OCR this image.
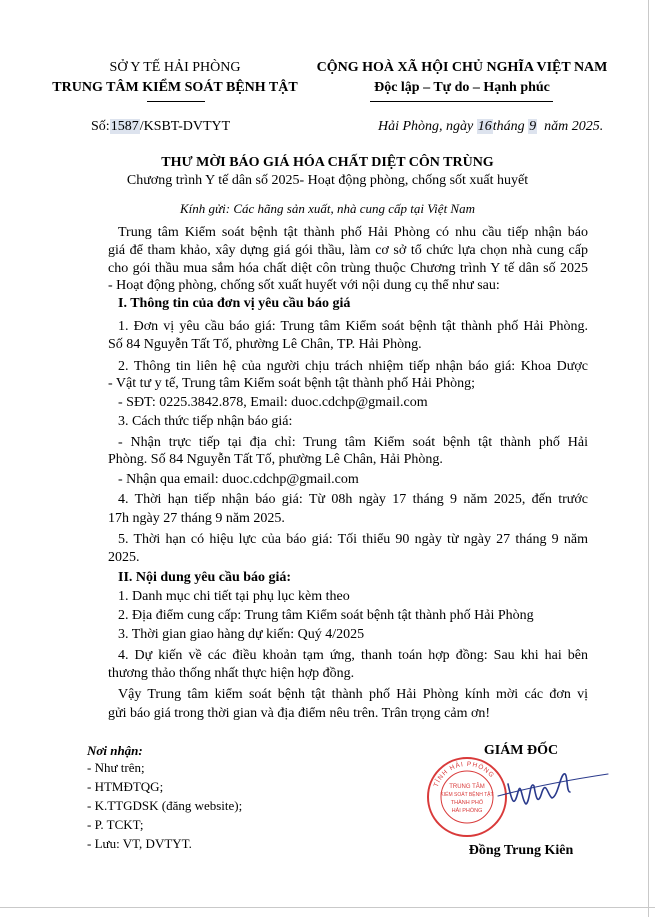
SỞ Y TẾ HẢI PHÒNG
TRUNG TÂM KIỂM SOÁT BỆNH TẬT
CỘNG HOÀ XÃ HỘI CHỦ NGHĨA VIỆT NAM
Độc lập – Tự do – Hạnh phúc
Số:1587/KSBT-DVTYT	Hải Phòng, ngày 16tháng 9 năm 2025.
THƯ MỜI BÁO GIÁ HÓA CHẤT DIỆT CÔN TRÙNG
Chương trình Y tế dân số 2025- Hoạt động phòng, chống sốt xuất huyết
Kính gửi: Các hãng sản xuất, nhà cung cấp tại Việt Nam
Trung tâm Kiểm soát bệnh tật thành phố Hải Phòng có nhu cầu tiếp nhận báo
giá để tham khảo, xây dựng giá gói thầu, làm cơ sở tổ chức lựa chọn nhà cung cấp
cho gói thầu mua sắm hóa chất diệt côn trùng thuộc Chương trình Y tế dân số 2025
- Hoạt động phòng, chống sốt xuất huyết với nội dung cụ thể như sau:
I. Thông tin của đơn vị yêu cầu báo giá
1. Đơn vị yêu cầu báo giá: Trung tâm Kiểm soát bệnh tật thành phố Hải Phòng.
Số 84 Nguyễn Tất Tố, phường Lê Chân, TP. Hải Phòng.
2. Thông tin liên hệ của người chịu trách nhiệm tiếp nhận báo giá: Khoa Dược
- Vật tư y tế, Trung tâm Kiểm soát bệnh tật thành phố Hải Phòng;
- SĐT: 0225.3842.878, Email: duoc.cdchp@gmail.com
3. Cách thức tiếp nhận báo giá:
- Nhận trực tiếp tại địa chỉ: Trung tâm Kiểm soát bệnh tật thành phố Hải
Phòng. Số 84 Nguyễn Tất Tố, phường Lê Chân, Hải Phòng.
- Nhận qua email: duoc.cdchp@gmail.com
4. Thời hạn tiếp nhận báo giá: Từ 08h ngày 17 tháng 9 năm 2025, đến trước
17h ngày 27 tháng 9 năm 2025.
5. Thời hạn có hiệu lực của báo giá: Tối thiểu 90 ngày từ ngày 27 tháng 9 năm
2025.
II. Nội dung yêu cầu báo giá:
1. Danh mục chi tiết tại phụ lục kèm theo
2. Địa điểm cung cấp: Trung tâm Kiểm soát bệnh tật thành phố Hải Phòng
3. Thời gian giao hàng dự kiến: Quý 4/2025
4. Dự kiến về các điều khoản tạm ứng, thanh toán hợp đồng: Sau khi hai bên
thương thảo thống nhất thực hiện hợp đồng.
Vậy Trung tâm kiểm soát bệnh tật thành phố Hải Phòng kính mời các đơn vị
gửi báo giá trong thời gian và địa điểm nêu trên. Trân trọng cảm ơn!
Nơi nhận:
- Như trên;
- HTMĐTQG;
- K.TTGDSK (đăng website);
- P. TCKT;
- Lưu: VT, DVTYT.
GIÁM ĐỐC
TỈNH HẢI PHÒNG
TRUNG TÂM
KIỂM SOÁT BỆNH TẬT
THÀNH PHỐ
HẢI PHÒNG
Đồng Trung Kiên
